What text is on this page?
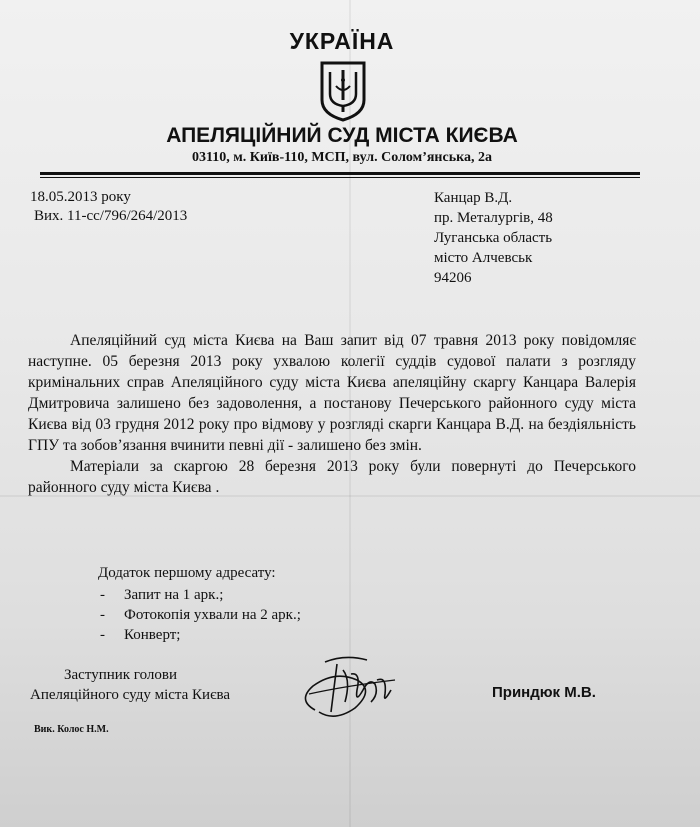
УКРАЇНА
АПЕЛЯЦІЙНИЙ СУД МІСТА КИЄВА
03110, м. Київ-110, МСП, вул. Солом’янська, 2а
18.05.2013 року
Вих. 11-сс/796/264/2013
Канцар В.Д.
пр. Металургів, 48
Луганська область
місто Алчевськ
94206

Апеляційний суд міста Києва на Ваш запит від 07 травня 2013 року повідомляє наступне. 05 березня 2013 року ухвалою колегії суддів судової палати з розгляду кримінальних справ Апеляційного суду міста Києва апеляційну скаргу Канцара Валерія Дмитровича залишено без задоволення, а постанову Печерського районного суду міста Києва від 03 грудня 2012 року про відмову у розгляді скарги Канцара В.Д. на бездіяльність ГПУ та зобов’язання вчинити певні дії - залишено без змін.

Матеріали за скаргою 28 березня 2013 року були повернуті до Печерського районного суду міста Києва .

Додаток першому адресату:
- Запит на 1 арк.;
- Фотокопія ухвали на 2 арк.;
- Конверт;
Заступник голови
Апеляційного суду міста Києва	Приндюк М.В.
Вик. Колос Н.М.
